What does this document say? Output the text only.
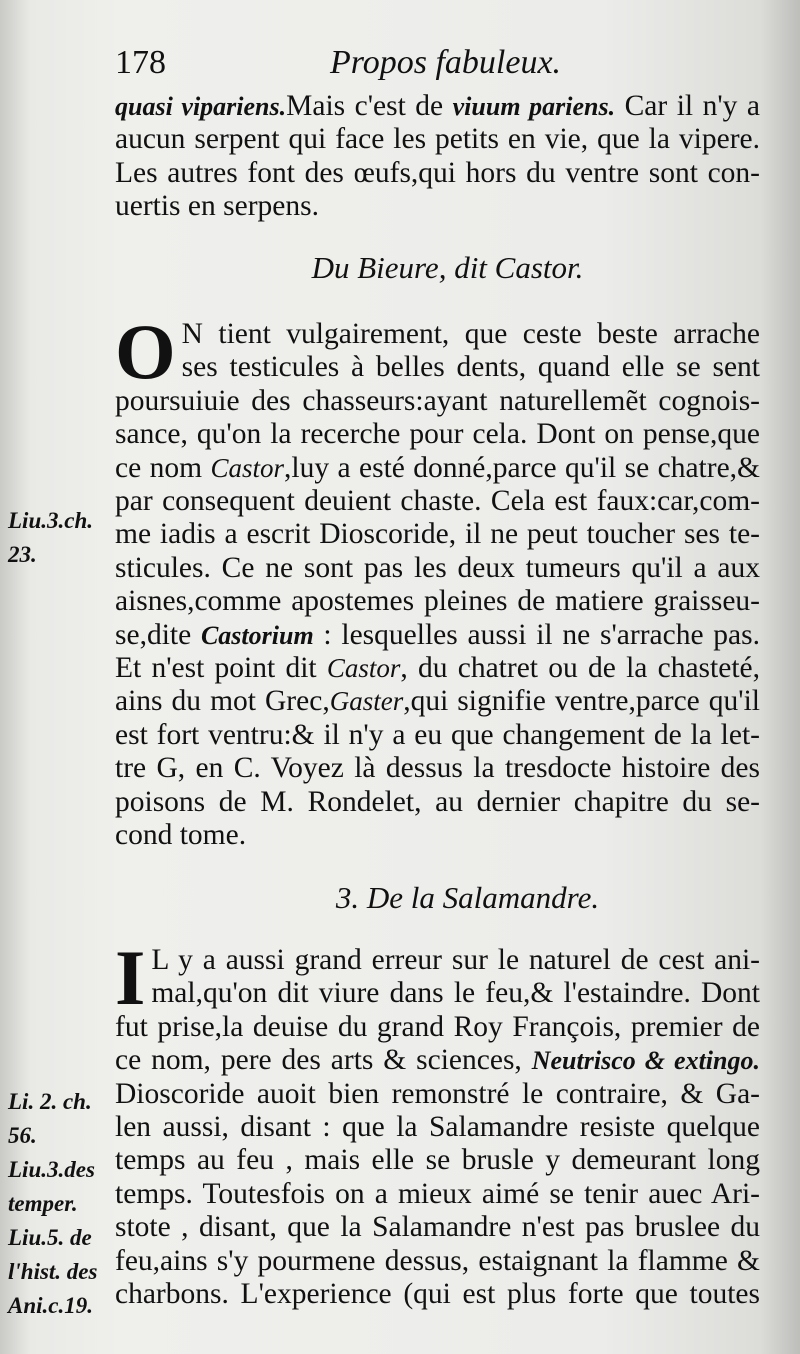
178	Propos fabuleux.

quasi vipariens.Mais c'est de viuum pariens. Car il n'y a

aucun serpent qui face les petits en vie, que la vipere.

Les autres font des œufs,qui hors du ventre sont con-

uertis en serpens.

Du Bieure, dit Castor.
O N tient vulgairement, que ceste beste arrache

ses testicules à belles dents, quand elle se sent

poursuiuie des chasseurs:ayant naturellemẽt cognois-

sance, qu'on la recerche pour cela. Dont on pense,que

ce nom Castor,luy a esté donné,parce qu'il se chatre,&

par consequent deuient chaste. Cela est faux:car,com-

me iadis a escrit Dioscoride, il ne peut toucher ses te-

sticules. Ce ne sont pas les deux tumeurs qu'il a aux

aisnes,comme apostemes pleines de matiere graisseu-

se,dite Castorium : lesquelles aussi il ne s'arrache pas.

Et n'est point dit Castor, du chatret ou de la chasteté,

ains du mot Grec,Gaster,qui signifie ventre,parce qu'il

est fort ventru:& il n'y a eu que changement de la let-

tre G, en C. Voyez là dessus la tresdocte histoire des

poisons de M. Rondelet, au dernier chapitre du se-

cond tome.

Liu.3.ch.
23.
3. De la Salamandre.
I L y a aussi grand erreur sur le naturel de cest ani-

mal,qu'on dit viure dans le feu,& l'estaindre. Dont

fut prise,la deuise du grand Roy François, premier de

ce nom, pere des arts & sciences, Neutrisco & extingo.

Dioscoride auoit bien remonstré le contraire, & Ga-

len aussi, disant : que la Salamandre resiste quelque

temps au feu , mais elle se brusle y demeurant long

temps. Toutesfois on a mieux aimé se tenir auec Ari-

stote , disant, que la Salamandre n'est pas bruslee du

feu,ains s'y pourmene dessus, estaignant la flamme &

charbons. L'experience (qui est plus forte que toutes

Li. 2. ch.
56.
Liu.3.des
temper.
Liu.5. de
l'hist. des
Ani.c.19.
